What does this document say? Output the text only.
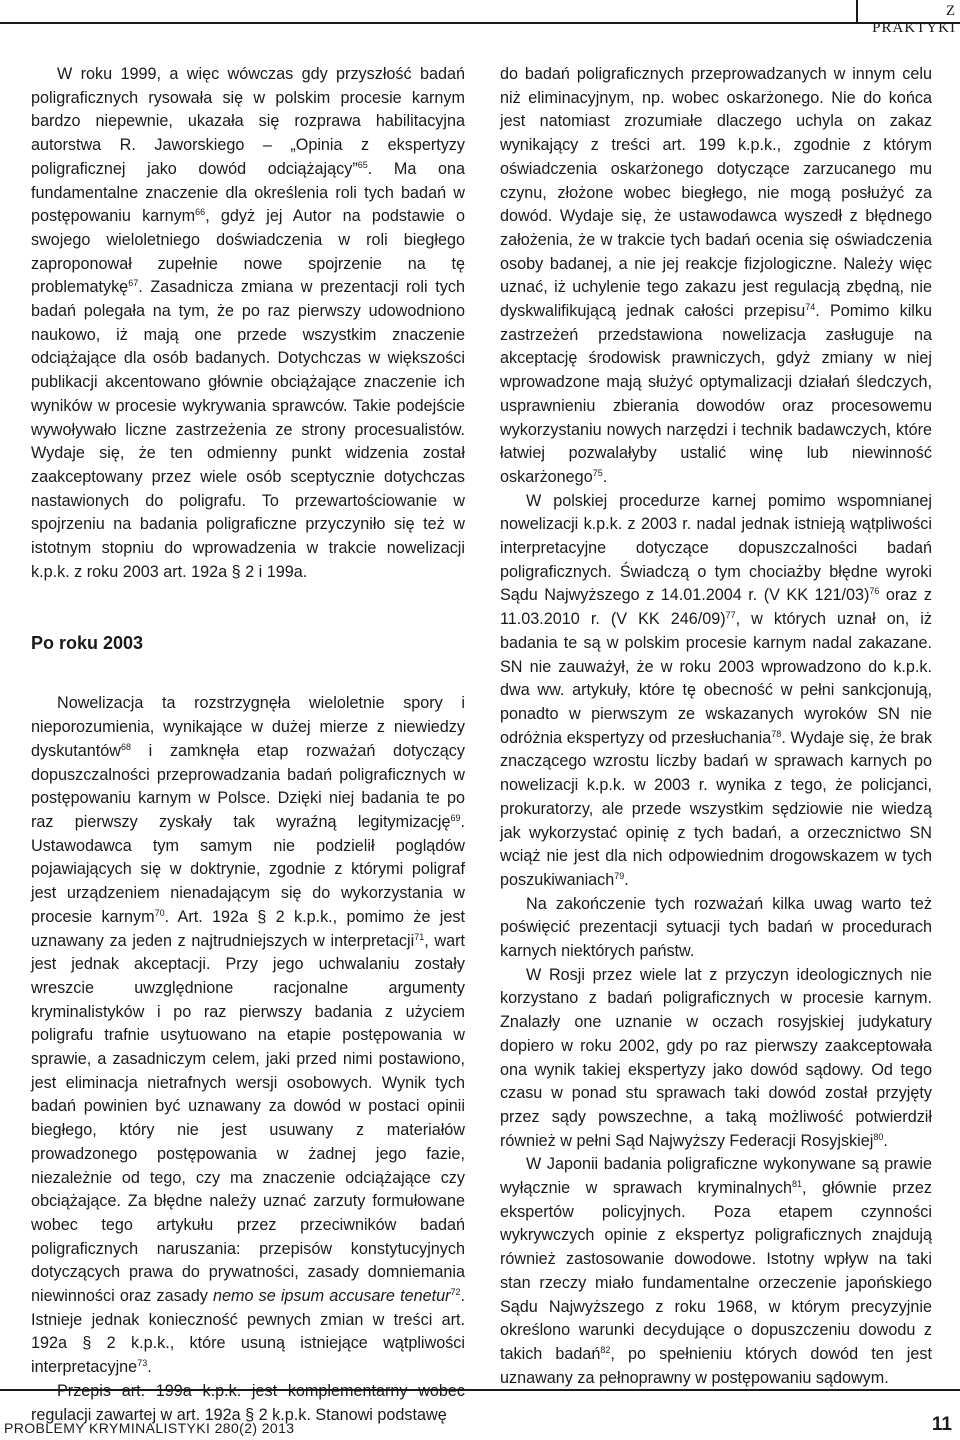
Z PRAKTYKI

W roku 1999, a więc wówczas gdy przyszłość badań poligraficznych rysowała się w polskim procesie karnym bardzo niepewnie, ukazała się rozprawa habilitacyjna autorstwa R. Jaworskiego – „Opinia z ekspertyzy poligraficznej jako dowód odciążający”$^{65}$. Ma ona fundamentalne znaczenie dla określenia roli tych badań w postępowaniu karnym$^{66}$, gdyż jej Autor na podstawie o swojego wieloletniego doświadczenia w roli biegłego zaproponował zupełnie nowe spojrzenie na tę problematykę$^{67}$. Zasadnicza zmiana w prezentacji roli tych badań polegała na tym, że po raz pierwszy udowodniono naukowo, iż mają one przede wszystkim znaczenie odciążające dla osób badanych. Dotychczas w większości publikacji akcentowano głównie obciążające znaczenie ich wyników w procesie wykrywania sprawców. Takie podejście wywoływało liczne zastrzeżenia ze strony procesualistów. Wydaje się, że ten odmienny punkt widzenia został zaakceptowany przez wiele osób sceptycznie dotychczas nastawionych do poligrafu. To przewartościowanie w spojrzeniu na badania poligraficzne przyczyniło się też w istotnym stopniu do wprowadzenia w trakcie nowelizacji k.p.k. z roku 2003 art. 192a § 2 i 199a.

Po roku 2003

Nowelizacja ta rozstrzygnęła wieloletnie spory i nieporozumienia, wynikające w dużej mierze z niewiedzy dyskutantów$^{68}$ i zamknęła etap rozważań dotyczący dopuszczalności przeprowadzania badań poligraficznych w postępowaniu karnym w Polsce. Dzięki niej badania te po raz pierwszy zyskały tak wyraźną legitymizację$^{69}$. Ustawodawca tym samym nie podzielił poglądów pojawiających się w doktrynie, zgodnie z którymi poligraf jest urządzeniem nienadającym się do wykorzystania w procesie karnym$^{70}$. Art. 192a § 2 k.p.k., pomimo że jest uznawany za jeden z najtrudniejszych w interpretacji$^{71}$, wart jest jednak akceptacji. Przy jego uchwalaniu zostały wreszcie uwzględnione racjonalne argumenty kryminalistyków i po raz pierwszy badania z użyciem poligrafu trafnie usytuowano na etapie postępowania w sprawie, a zasadniczym celem, jaki przed nimi postawiono, jest eliminacja nietrafnych wersji osobowych. Wynik tych badań powinien być uznawany za dowód w postaci opinii biegłego, który nie jest usuwany z materiałów prowadzonego postępowania w żadnej jego fazie, niezależnie od tego, czy ma znaczenie odciążające czy obciążające. Za błędne należy uznać zarzuty formułowane wobec tego artykułu przez przeciwników badań poligraficznych naruszania: przepisów konstytucyjnych dotyczących prawa do prywatności, zasady domniemania niewinności oraz zasady nemo se ipsum accusare tenetur$^{72}$. Istnieje jednak konieczność pewnych zmian w treści art. 192a § 2 k.p.k., które usuną istniejące wątpliwości interpretacyjne$^{73}$.

Przepis art. 199a k.p.k. jest komplementarny wobec regulacji zawartej w art. 192a § 2 k.p.k. Stanowi podstawę

do badań poligraficznych przeprowadzanych w innym celu niż eliminacyjnym, np. wobec oskarżonego. Nie do końca jest natomiast zrozumiałe dlaczego uchyla on zakaz wynikający z treści art. 199 k.p.k., zgodnie z którym oświadczenia oskarżonego dotyczące zarzucanego mu czynu, złożone wobec biegłego, nie mogą posłużyć za dowód. Wydaje się, że ustawodawca wyszedł z błędnego założenia, że w trakcie tych badań ocenia się oświadczenia osoby badanej, a nie jej reakcje fizjologiczne. Należy więc uznać, iż uchylenie tego zakazu jest regulacją zbędną, nie dyskwalifikującą jednak całości przepisu$^{74}$. Pomimo kilku zastrzeżeń przedstawiona nowelizacja zasługuje na akceptację środowisk prawniczych, gdyż zmiany w niej wprowadzone mają służyć optymalizacji działań śledczych, usprawnieniu zbierania dowodów oraz procesowemu wykorzystaniu nowych narzędzi i technik badawczych, które łatwiej pozwalałyby ustalić winę lub niewinność oskarżonego$^{75}$.

W polskiej procedurze karnej pomimo wspomnianej nowelizacji k.p.k. z 2003 r. nadal jednak istnieją wątpliwości interpretacyjne dotyczące dopuszczalności badań poligraficznych. Świadczą o tym chociażby błędne wyroki Sądu Najwyższego z 14.01.2004 r. (V KK 121/03)$^{76}$ oraz z 11.03.2010 r. (V KK 246/09)$^{77}$, w których uznał on, iż badania te są w polskim procesie karnym nadal zakazane. SN nie zauważył, że w roku 2003 wprowadzono do k.p.k. dwa ww. artykuły, które tę obecność w pełni sankcjonują, ponadto w pierwszym ze wskazanych wyroków SN nie odróżnia ekspertyzy od przesłuchania$^{78}$. Wydaje się, że brak znaczącego wzrostu liczby badań w sprawach karnych po nowelizacji k.p.k. w 2003 r. wynika z tego, że policjanci, prokuratorzy, ale przede wszystkim sędziowie nie wiedzą jak wykorzystać opinię z tych badań, a orzecznictwo SN wciąż nie jest dla nich odpowiednim drogowskazem w tych poszukiwaniach$^{79}$.

Na zakończenie tych rozważań kilka uwag warto też poświęcić prezentacji sytuacji tych badań w procedurach karnych niektórych państw.

W Rosji przez wiele lat z przyczyn ideologicznych nie korzystano z badań poligraficznych w procesie karnym. Znalazły one uznanie w oczach rosyjskiej judykatury dopiero w roku 2002, gdy po raz pierwszy zaakceptowała ona wynik takiej ekspertyzy jako dowód sądowy. Od tego czasu w ponad stu sprawach taki dowód został przyjęty przez sądy powszechne, a taką możliwość potwierdził również w pełni Sąd Najwyższy Federacji Rosyjskiej$^{80}$.

W Japonii badania poligraficzne wykonywane są prawie wyłącznie w sprawach kryminalnych$^{81}$, głównie przez ekspertów policyjnych. Poza etapem czynności wykrywczych opinie z ekspertyz poligraficznych znajdują również zastosowanie dowodowe. Istotny wpływ na taki stan rzeczy miało fundamentalne orzeczenie japońskiego Sądu Najwyższego z roku 1968, w którym precyzyjnie określono warunki decydujące o dopuszczeniu dowodu z takich badań$^{82}$, po spełnieniu których dowód ten jest uznawany za pełnoprawny w postępowaniu sądowym.

PROBLEMY KRYMINALISTYKI 280(2) 2013	11
